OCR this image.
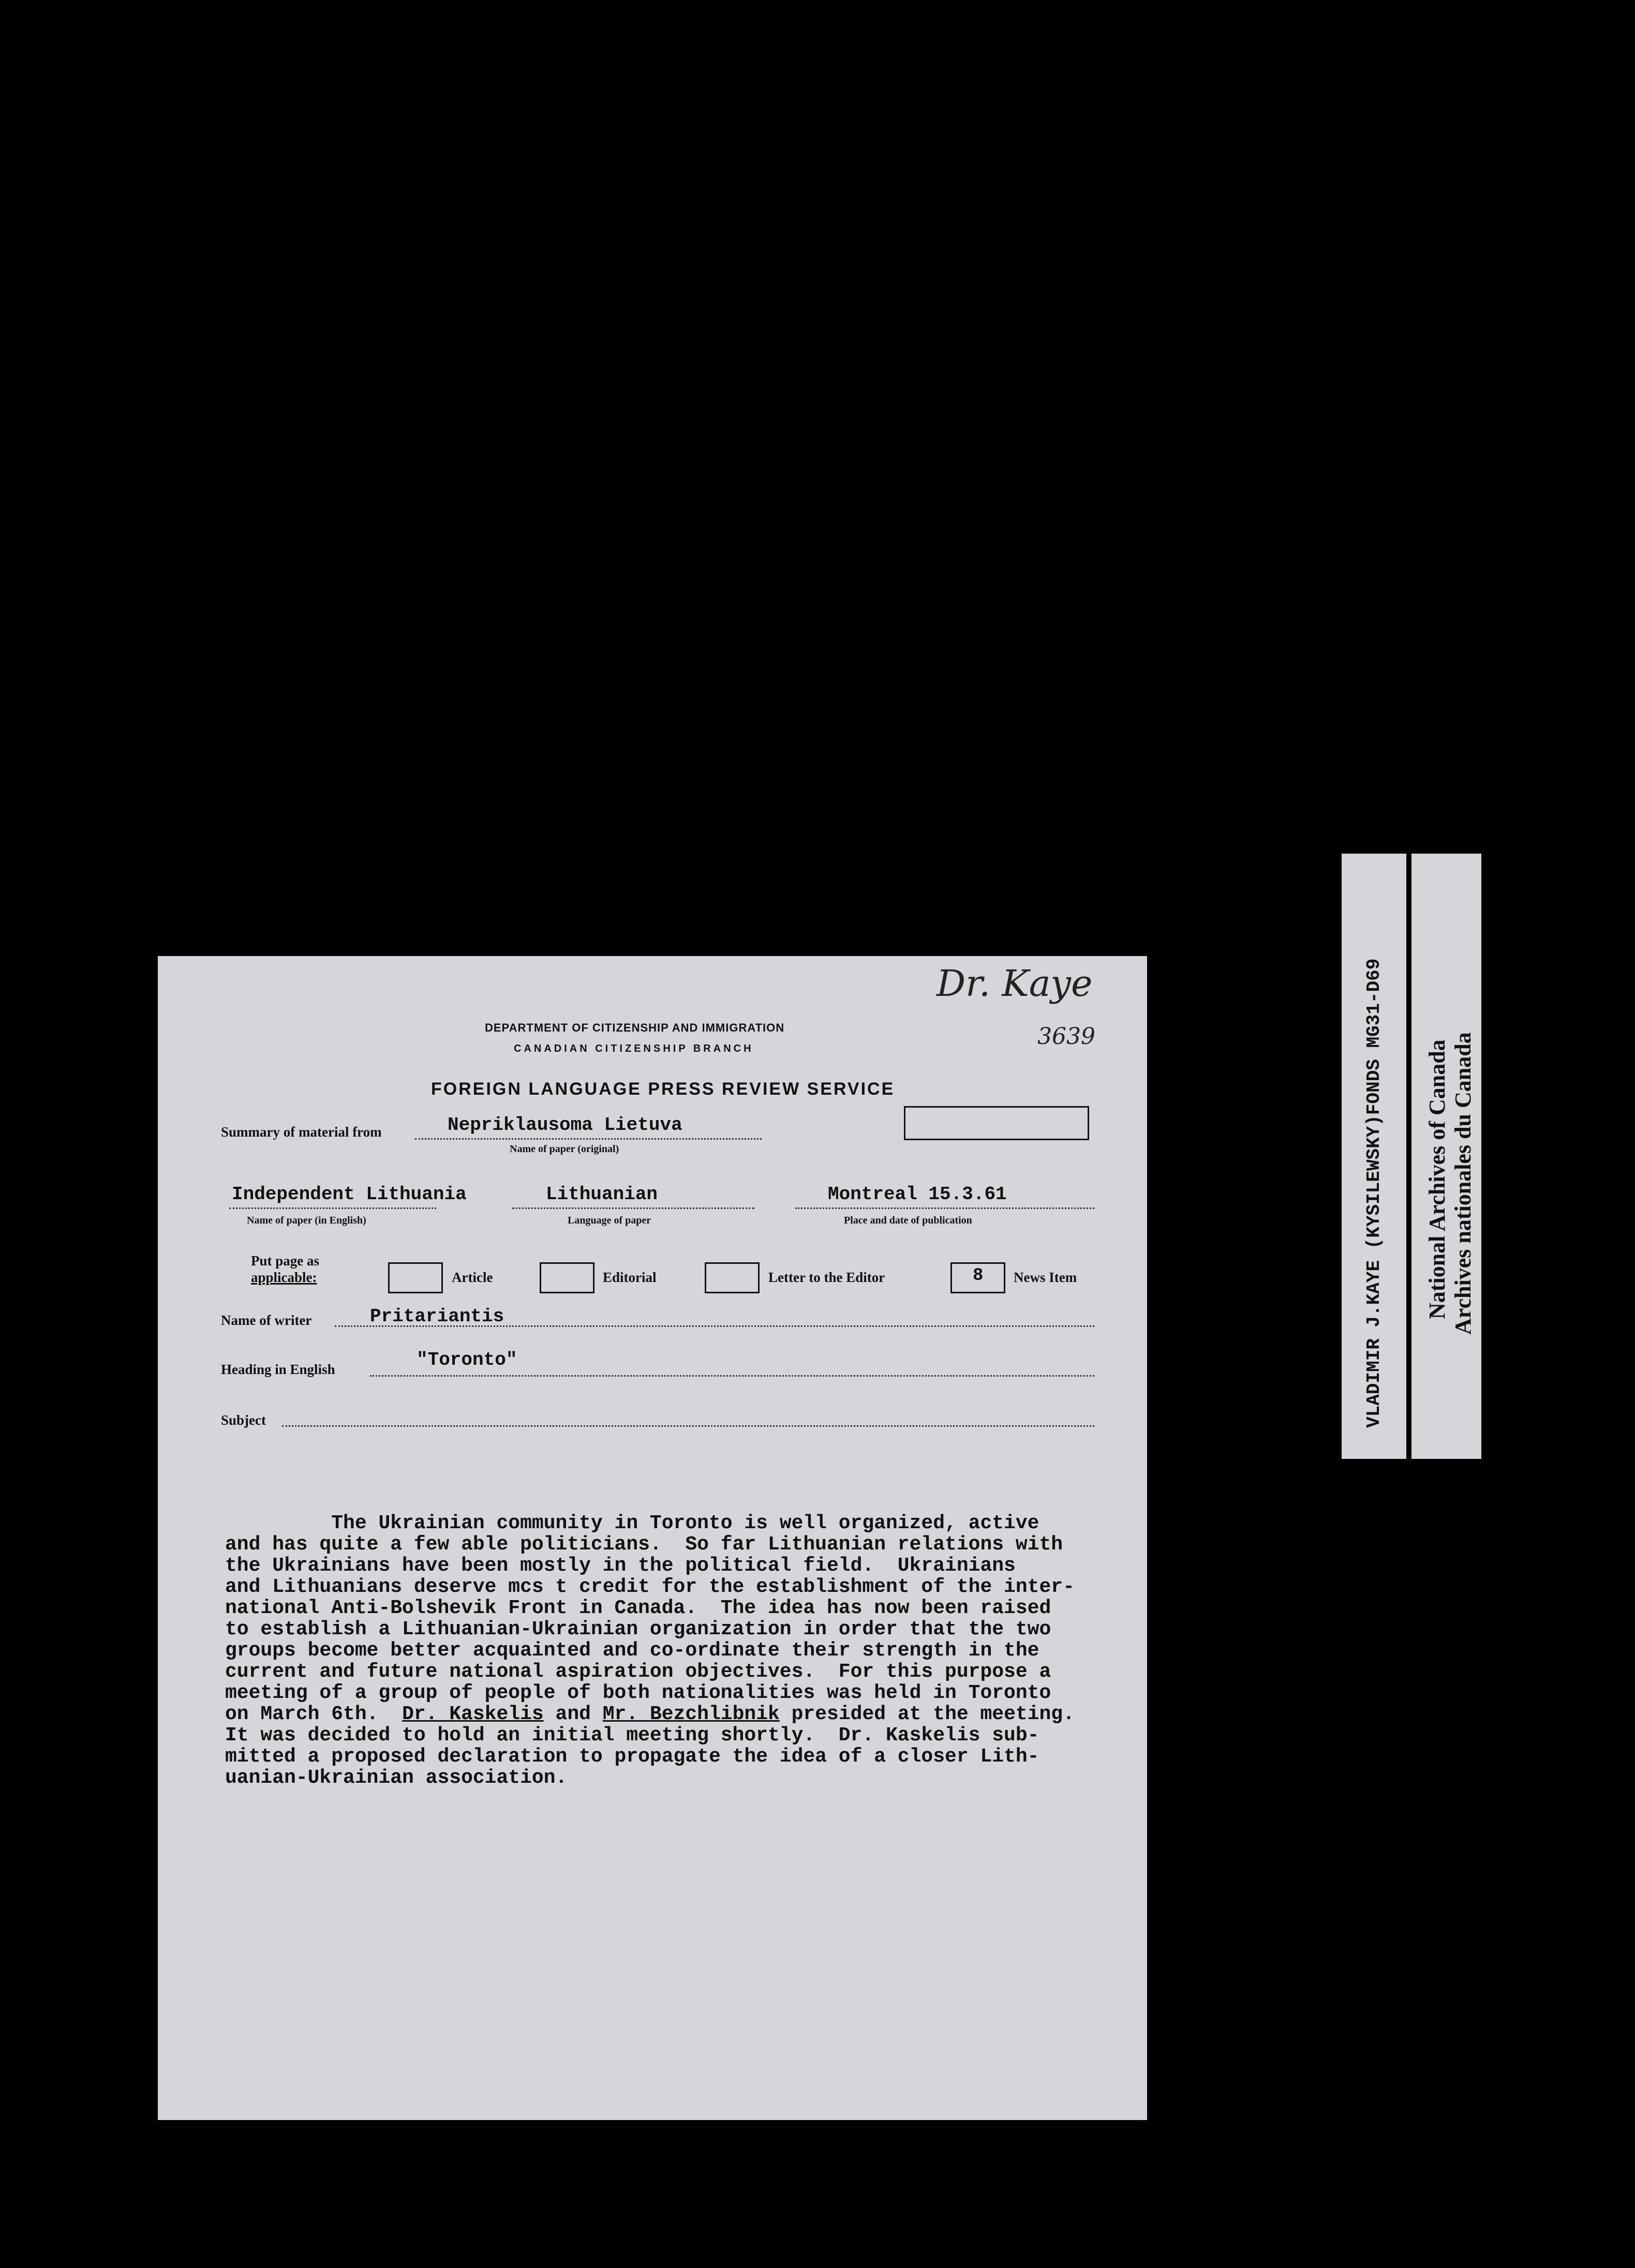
Dr. Kaye
3639
DEPARTMENT OF CITIZENSHIP AND IMMIGRATION
CANADIAN CITIZENSHIP BRANCH
FOREIGN LANGUAGE PRESS REVIEW SERVICE
Summary of material from	Nepriklausoma Lietuva
Name of paper (original)
Independent Lithuania
Name of paper (in English)
Lithuanian
Language of paper
Montreal 15.3.61
Place and date of publication
Put page as
applicable:	Article	Editorial	Letter to the Editor	8 News Item
Name of writer	Pritariantis
Heading in English	"Toronto"
Subject
The Ukrainian community in Toronto is well organized, active
and has quite a few able politicians.  So far Lithuanian relations with
the Ukrainians have been mostly in the political field.  Ukrainians
and Lithuanians deserve mcs t credit for the establishment of the inter-
national Anti-Bolshevik Front in Canada.  The idea has now been raised
to establish a Lithuanian-Ukrainian organization in order that the two
groups become better acquainted and co-ordinate their strength in the
current and future national aspiration objectives.  For this purpose a
meeting of a group of people of both nationalities was held in Toronto
on March 6th.  Dr. Kaskelis and Mr. Bezchlibnik presided at the meeting.
It was decided to hold an initial meeting shortly.  Dr. Kaskelis sub-
mitted a proposed declaration to propagate the idea of a closer Lith-
uanian-Ukrainian association.
VLADIMIR J.KAYE (KYSILEWSKY)FONDS MG31-D69 National Archives of Canada Archives nationales du Canada
